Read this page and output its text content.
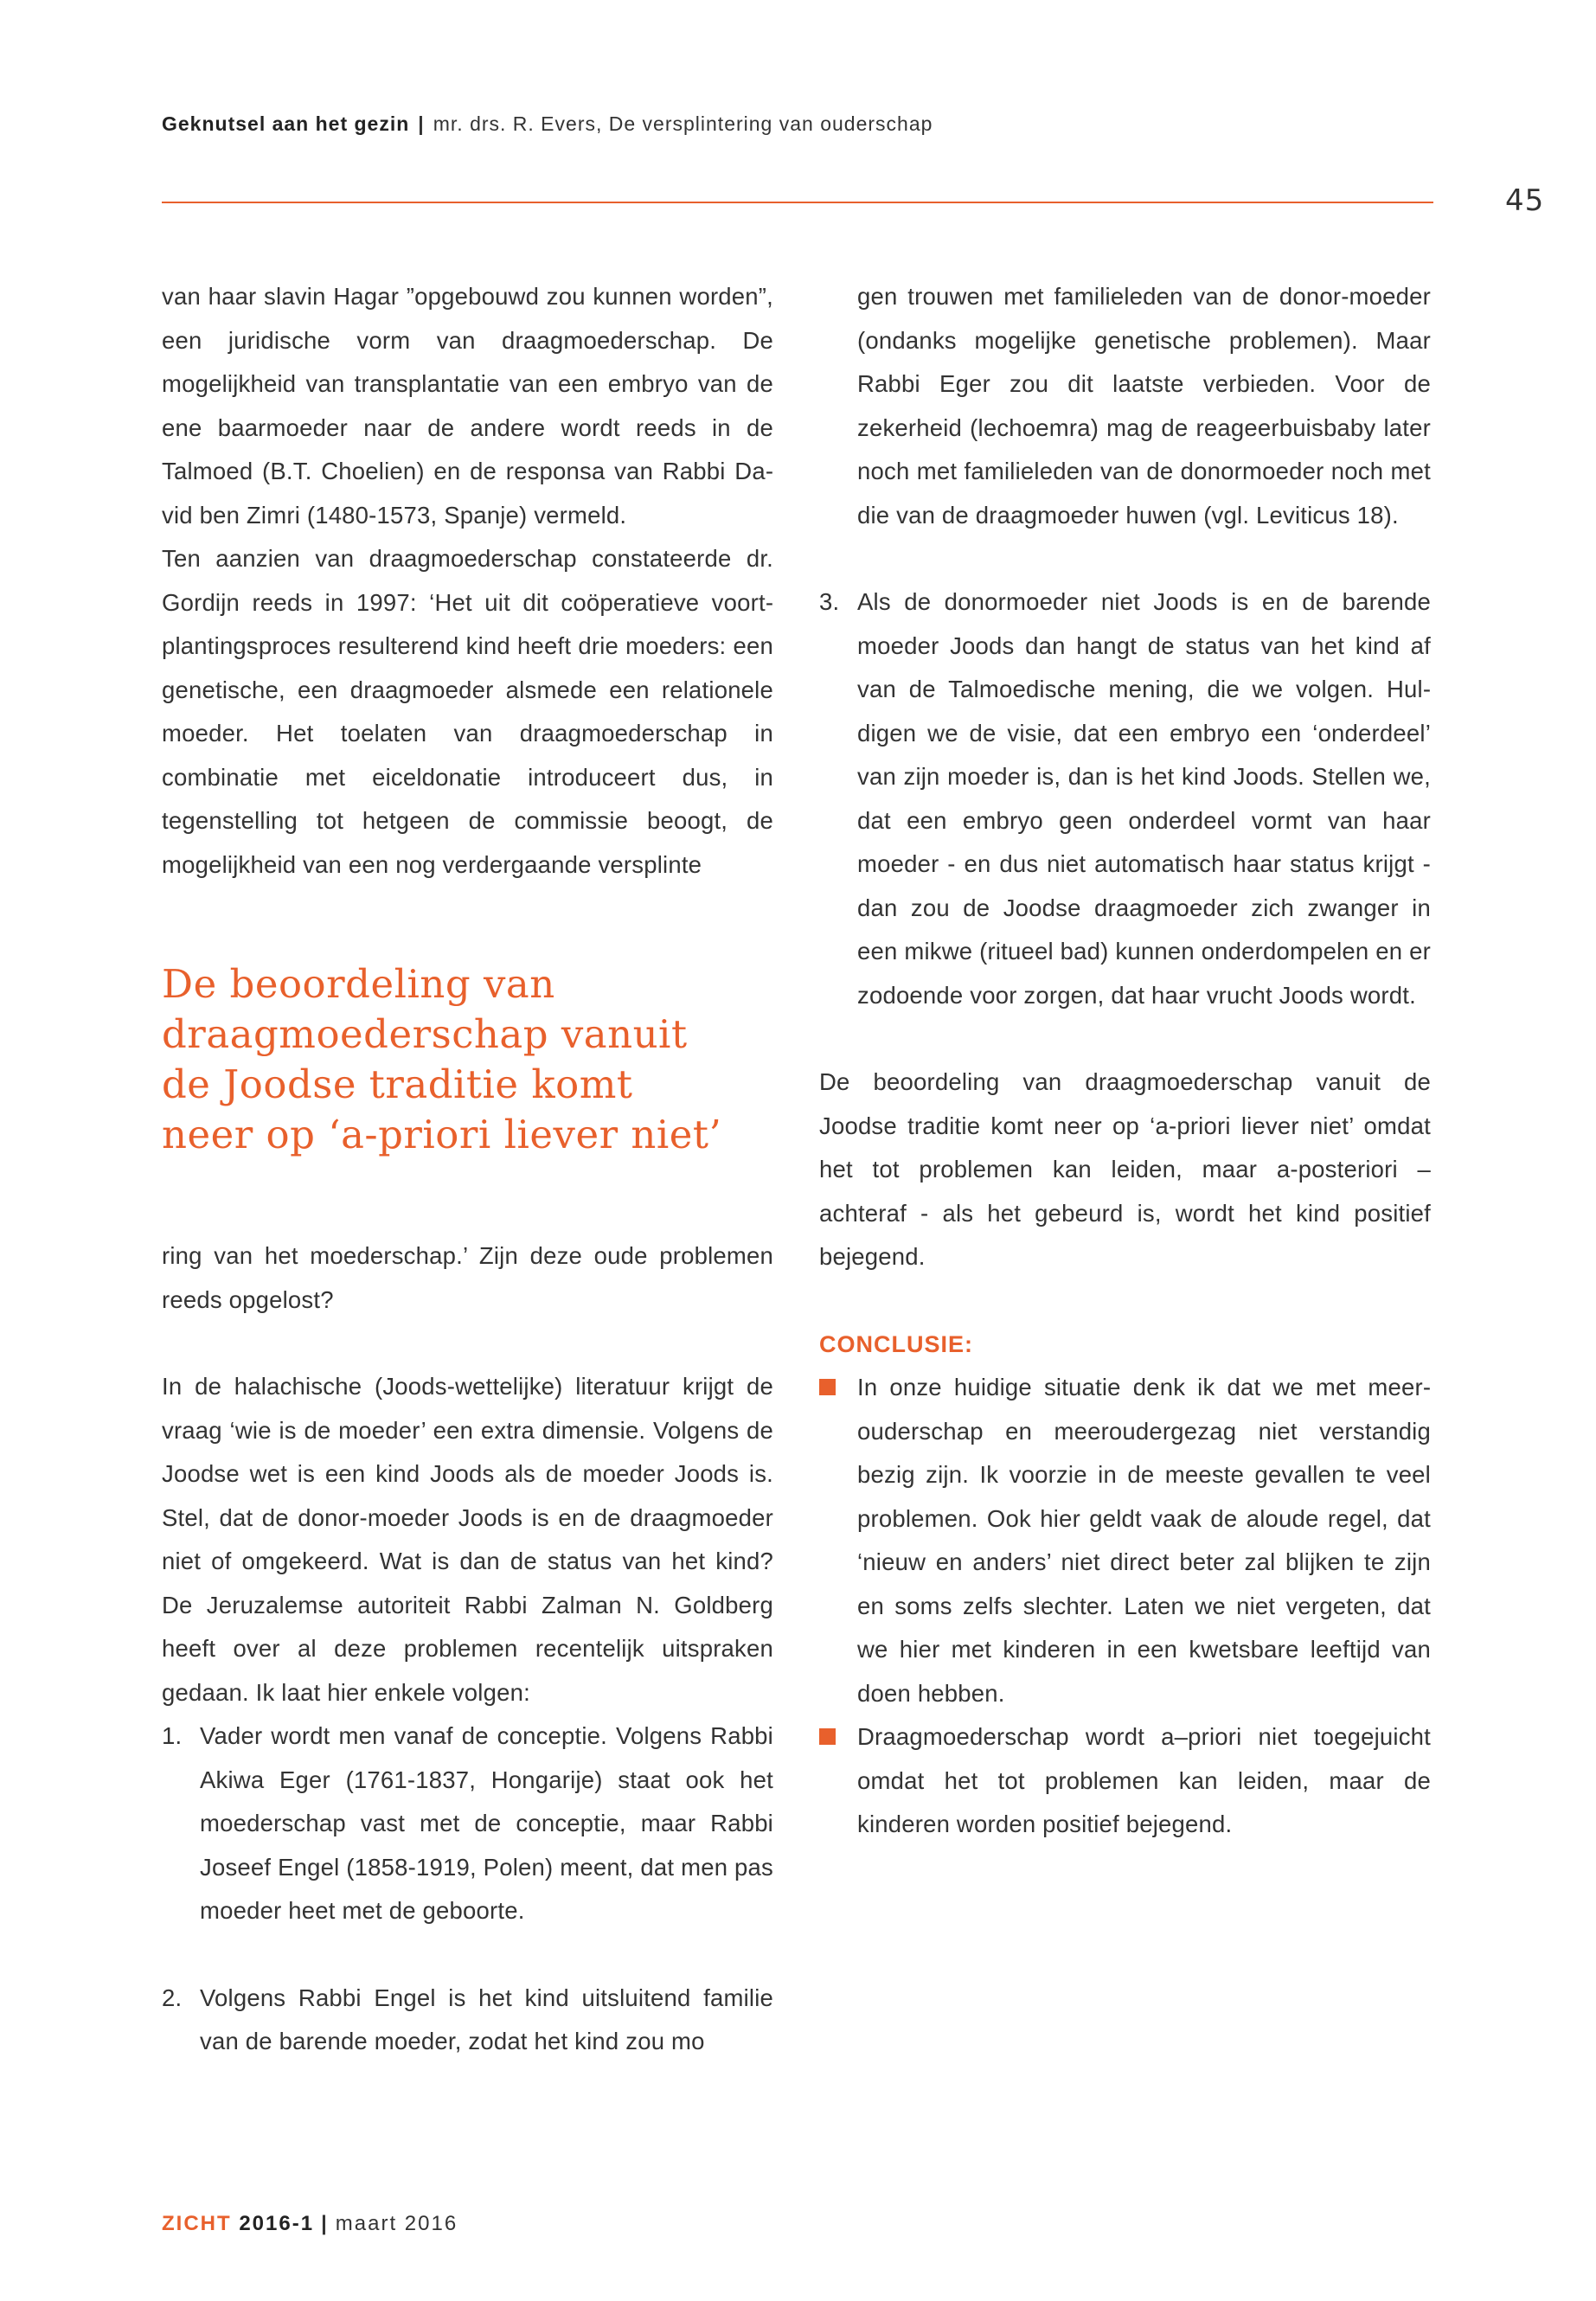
Geknutsel aan het gezin | mr. drs. R. Evers, De versplintering van ouderschap
45

van haar slavin Hagar ”opgebouwd zou kunnen worden”, een juridische vorm van draagmoederschap. De mogelijkheid van transplantatie van een embryo van de ene baarmoeder naar de andere wordt reeds in de Talmoed (B.T. Choelien) en de responsa van Rabbi David ben Zimri (1480-1573, Spanje) vermeld.

Ten aanzien van draagmoederschap constateerde dr. Gordijn reeds in 1997: ‘Het uit dit coöperatieve voortplantingsproces resulterend kind heeft drie moeders: een genetische, een draagmoeder alsmede een relationele moeder. Het toelaten van draagmoederschap in combinatie met eiceldonatie introduceert dus, in tegenstelling tot hetgeen de commissie beoogt, de mogelijkheid van een nog verdergaande versplinte

De beoordeling van
draagmoederschap vanuit
de Joodse traditie komt
neer op ‘a-priori liever niet’

ring van het moederschap.’ Zijn deze oude problemen reeds opgelost?

In de halachische (Joods-wettelijke) literatuur krijgt de vraag ‘wie is de moeder’ een extra dimensie. Volgens de Joodse wet is een kind Joods als de moeder Joods is. Stel, dat de donor-moeder Joods is en de draagmoeder niet of omgekeerd. Wat is dan de status van het kind? De Jeruzalemse autoriteit Rabbi Zalman N. Goldberg heeft over al deze problemen recentelijk uitspraken gedaan. Ik laat hier enkele volgen:

1. Vader wordt men vanaf de conceptie. Volgens Rabbi Akiwa Eger (1761-1837, Hongarije) staat ook het moederschap vast met de conceptie, maar Rabbi Joseef Engel (1858-1919, Polen) meent, dat men pas moeder heet met de geboorte.
2. Volgens Rabbi Engel is het kind uitsluitend familie van de barende moeder, zodat het kind zou mo
gen trouwen met familieleden van de donor-moeder (ondanks mogelijke genetische problemen). Maar Rabbi Eger zou dit laatste verbieden. Voor de zekerheid (lechoemra) mag de reageerbuisbaby later noch met familieleden van de donormoeder noch met die van de draagmoeder huwen (vgl. Leviticus 18).
3. Als de donormoeder niet Joods is en de barende moeder Joods dan hangt de status van het kind af van de Talmoedische mening, die we volgen. Huldigen we de visie, dat een embryo een ‘onderdeel’ van zijn moeder is, dan is het kind Joods. Stellen we, dat een embryo geen onderdeel vormt van haar moeder - en dus niet automatisch haar status krijgt - dan zou de Joodse draagmoeder zich zwanger in een mikwe (ritueel bad) kunnen onderdompelen en er zodoende voor zorgen, dat haar vrucht Joods wordt.

De beoordeling van draagmoederschap vanuit de Joodse traditie komt neer op ‘a-priori liever niet’ omdat het tot problemen kan leiden, maar a-posteriori – achteraf - als het gebeurd is, wordt het kind positief bejegend.

CONCLUSIE:
In onze huidige situatie denk ik dat we met meerouderschap en meeroudergezag niet verstandig bezig zijn. Ik voorzie in de meeste gevallen te veel problemen. Ook hier geldt vaak de aloude regel, dat ‘nieuw en anders’ niet direct beter zal blijken te zijn en soms zelfs slechter. Laten we niet vergeten, dat we hier met kinderen in een kwetsbare leeftijd van doen hebben.
Draagmoederschap wordt a–priori niet toegejuicht omdat het tot problemen kan leiden, maar de kinderen worden positief bejegend.
ZICHT 2016-1 | maart 2016
